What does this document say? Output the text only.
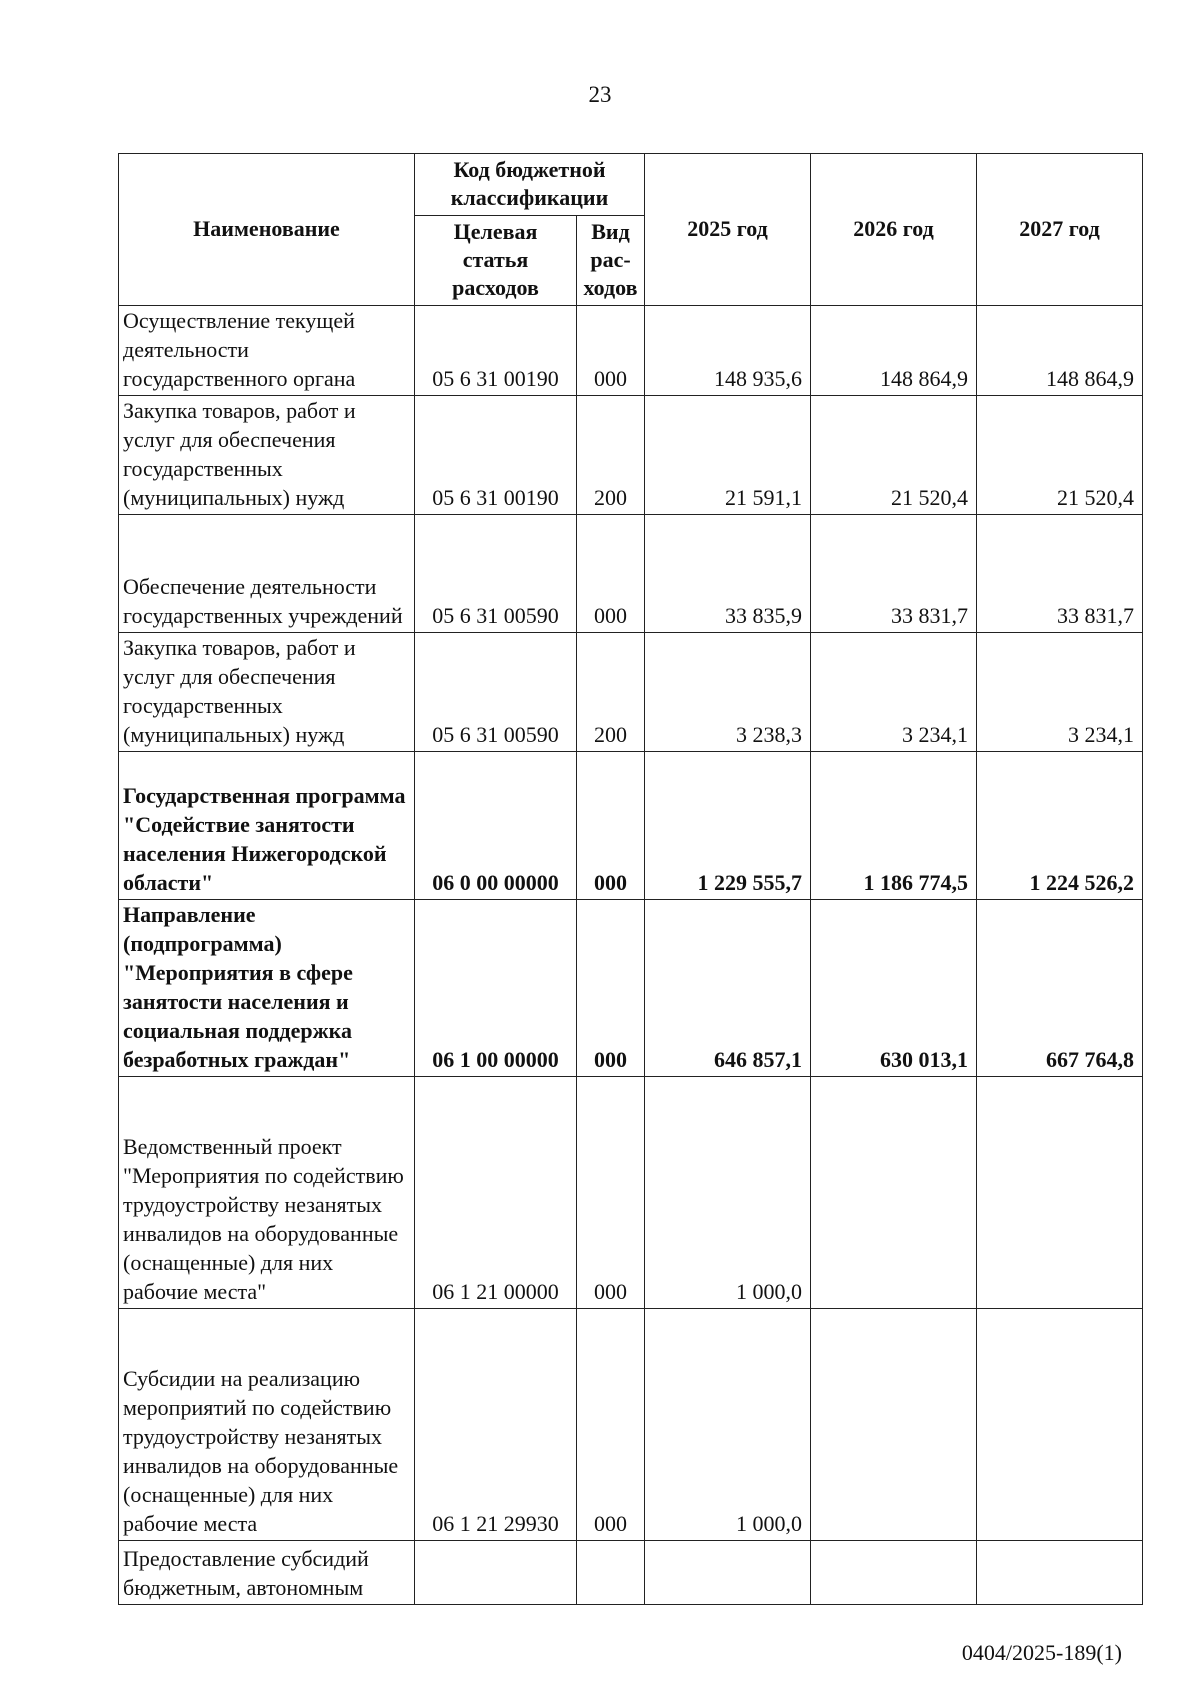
23
Наименование	Код бюджетной классификации		2025 год	2026 год	2027 год
	Целевая статья расходов	Вид рас-ходов			
Осуществление текущей деятельности государственного органа	05 6 31 00190	000	148 935,6	148 864,9	148 864,9
Закупка товаров, работ и услуг для обеспечения государственных (муниципальных) нужд	05 6 31 00190	200	21 591,1	21 520,4	21 520,4
Обеспечение деятельности государственных учреждений	05 6 31 00590	000	33 835,9	33 831,7	33 831,7
Закупка товаров, работ и услуг для обеспечения государственных (муниципальных) нужд	05 6 31 00590	200	3 238,3	3 234,1	3 234,1
Государственная программа "Содействие занятости населения Нижегородской области"	06 0 00 00000	000	1 229 555,7	1 186 774,5	1 224 526,2
Направление (подпрограмма) "Мероприятия в сфере занятости населения и социальная поддержка безработных граждан"	06 1 00 00000	000	646 857,1	630 013,1	667 764,8
Ведомственный проект "Мероприятия по содействию трудоустройству незанятых инвалидов на оборудованные (оснащенные) для них рабочие места"	06 1 21 00000	000	1 000,0		
Субсидии на реализацию мероприятий по содействию трудоустройству незанятых инвалидов на оборудованные (оснащенные) для них рабочие места	06 1 21 29930	000	1 000,0		
Предоставление субсидий бюджетным, автономным					
0404/2025-189(1)
